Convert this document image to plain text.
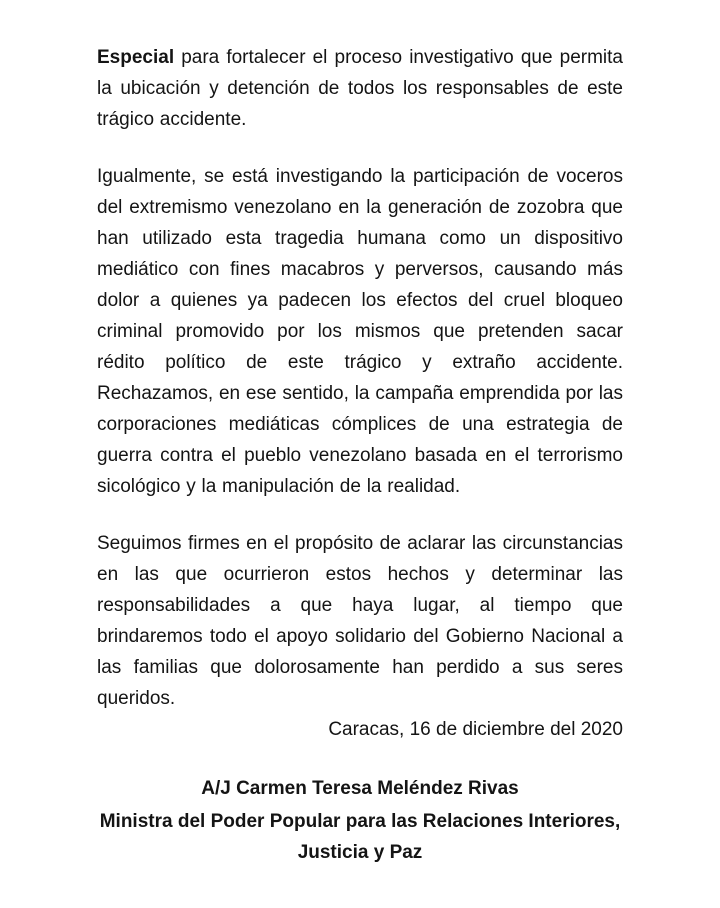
Especial para fortalecer el proceso investigativo que permita la ubicación y detención de todos los responsables de este trágico accidente.

Igualmente, se está investigando la participación de voceros del extremismo venezolano en la generación de zozobra que han utilizado esta tragedia humana como un dispositivo mediático con fines macabros y perversos, causando más dolor a quienes ya padecen los efectos del cruel bloqueo criminal promovido por los mismos que pretenden sacar rédito político de este trágico y extraño accidente. Rechazamos, en ese sentido, la campaña emprendida por las corporaciones mediáticas cómplices de una estrategia de guerra contra el pueblo venezolano basada en el terrorismo sicológico y la manipulación de la realidad.

Seguimos firmes en el propósito de aclarar las circunstancias en las que ocurrieron estos hechos y determinar las responsabilidades a que haya lugar, al tiempo que brindaremos todo el apoyo solidario del Gobierno Nacional a las familias que dolorosamente han perdido a sus seres queridos.

Caracas, 16 de diciembre del 2020

A/J Carmen Teresa Meléndez Rivas

Ministra del Poder Popular para las Relaciones Interiores,

Justicia y Paz
